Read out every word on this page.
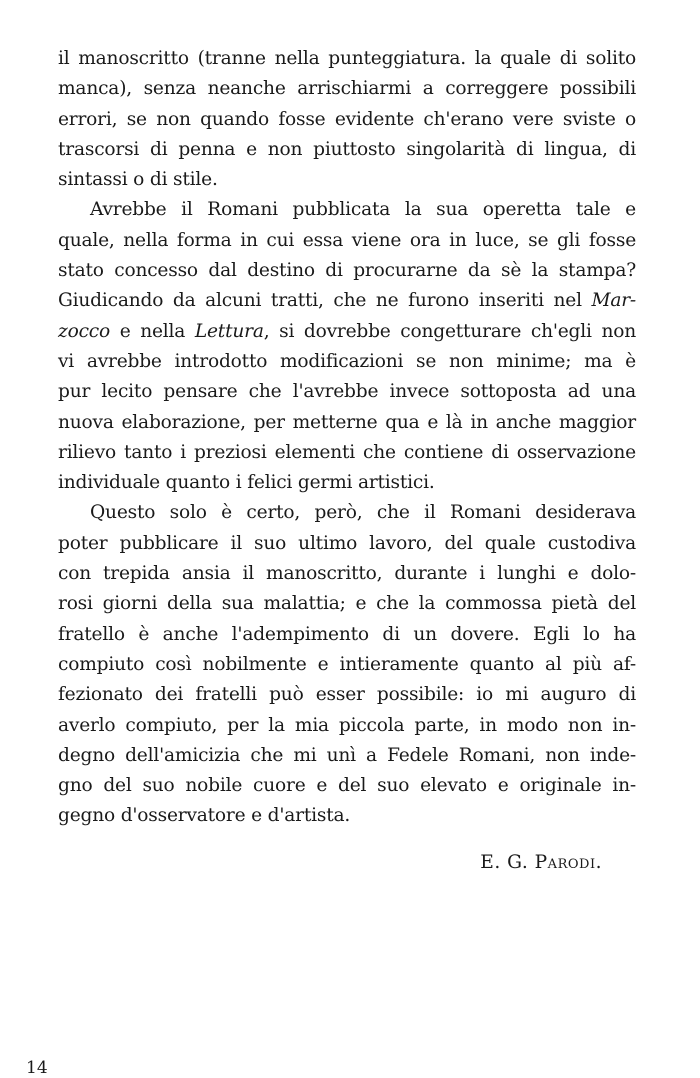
il manoscritto (tranne nella punteggiatura. la quale di solito
manca), senza neanche arrischiarmi a correggere possibili
errori, se non quando fosse evidente ch'erano vere sviste o
trascorsi di penna e non piuttosto singolarità di lingua, di
sintassi o di stile.
Avrebbe il Romani pubblicata la sua operetta tale e
quale, nella forma in cui essa viene ora in luce, se gli fosse
stato concesso dal destino di procurarne da sè la stampa?
Giudicando da alcuni tratti, che ne furono inseriti nel Mar-
zocco e nella Lettura, si dovrebbe congetturare ch'egli non
vi avrebbe introdotto modificazioni se non minime; ma è
pur lecito pensare che l'avrebbe invece sottoposta ad una
nuova elaborazione, per metterne qua e là in anche maggior
rilievo tanto i preziosi elementi che contiene di osservazione
individuale quanto i felici germi artistici.
Questo solo è certo, però, che il Romani desiderava
poter pubblicare il suo ultimo lavoro, del quale custodiva
con trepida ansia il manoscritto, durante i lunghi e dolo-
rosi giorni della sua malattia; e che la commossa pietà del
fratello è anche l'adempimento di un dovere. Egli lo ha
compiuto così nobilmente e intieramente quanto al più af-
fezionato dei fratelli può esser possibile: io mi auguro di
averlo compiuto, per la mia piccola parte, in modo non in-
degno dell'amicizia che mi unì a Fedele Romani, non inde-
gno del suo nobile cuore e del suo elevato e originale in-
gegno d'osservatore e d'artista.
E. G. Parodi.
14
